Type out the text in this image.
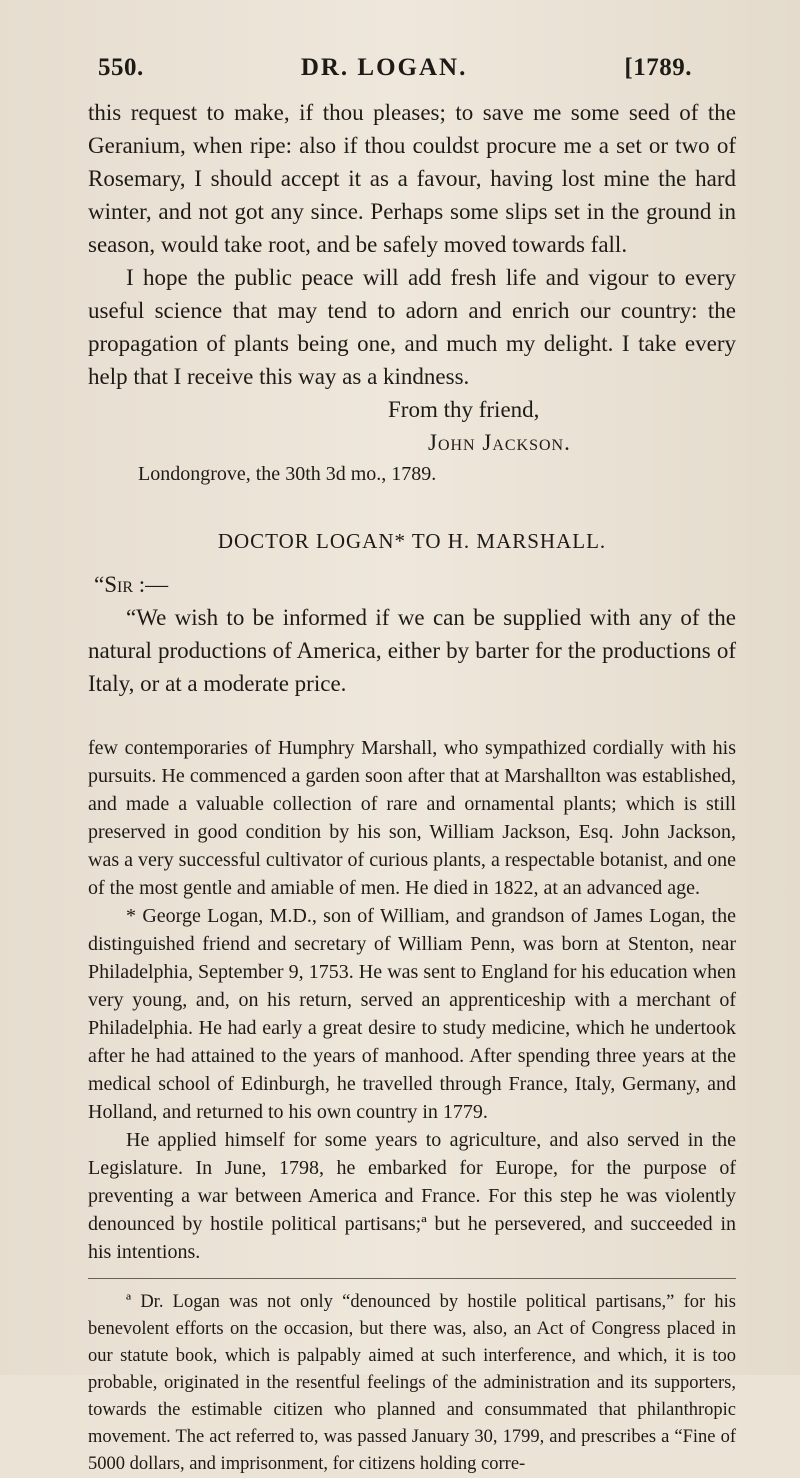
550.	DR. LOGAN.	[1789.

this request to make, if thou pleases; to save me some seed of the Geranium, when ripe: also if thou couldst procure me a set or two of Rosemary, I should accept it as a favour, having lost mine the hard winter, and not got any since. Perhaps some slips set in the ground in season, would take root, and be safely moved towards fall.

I hope the public peace will add fresh life and vigour to every useful science that may tend to adorn and enrich our country: the propagation of plants being one, and much my delight. I take every help that I receive this way as a kindness.

From thy friend,

John Jackson.

Londongrove, the 30th 3d mo., 1789.

DOCTOR LOGAN* TO H. MARSHALL.

“Sir :—

“We wish to be informed if we can be supplied with any of the natural productions of America, either by barter for the productions of Italy, or at a moderate price.

few contemporaries of Humphry Marshall, who sympathized cordially with his pursuits. He commenced a garden soon after that at Marshallton was established, and made a valuable collection of rare and ornamental plants; which is still preserved in good condition by his son, William Jackson, Esq. John Jackson, was a very successful cultivator of curious plants, a respectable botanist, and one of the most gentle and amiable of men. He died in 1822, at an advanced age.

* George Logan, M.D., son of William, and grandson of James Logan, the distinguished friend and secretary of William Penn, was born at Stenton, near Philadelphia, September 9, 1753. He was sent to England for his education when very young, and, on his return, served an apprenticeship with a merchant of Philadelphia. He had early a great desire to study medicine, which he undertook after he had attained to the years of manhood. After spending three years at the medical school of Edinburgh, he travelled through France, Italy, Germany, and Holland, and returned to his own country in 1779.

He applied himself for some years to agriculture, and also served in the Legislature. In June, 1798, he embarked for Europe, for the purpose of preventing a war between America and France. For this step he was violently denounced by hostile political partisans;ª but he persevered, and succeeded in his intentions.

ª Dr. Logan was not only “denounced by hostile political partisans,” for his benevolent efforts on the occasion, but there was, also, an Act of Congress placed in our statute book, which is palpably aimed at such interference, and which, it is too probable, originated in the resentful feelings of the administration and its supporters, towards the estimable citizen who planned and consummated that philanthropic movement. The act referred to, was passed January 30, 1799, and prescribes a “Fine of 5000 dollars, and imprisonment, for citizens holding corre-
